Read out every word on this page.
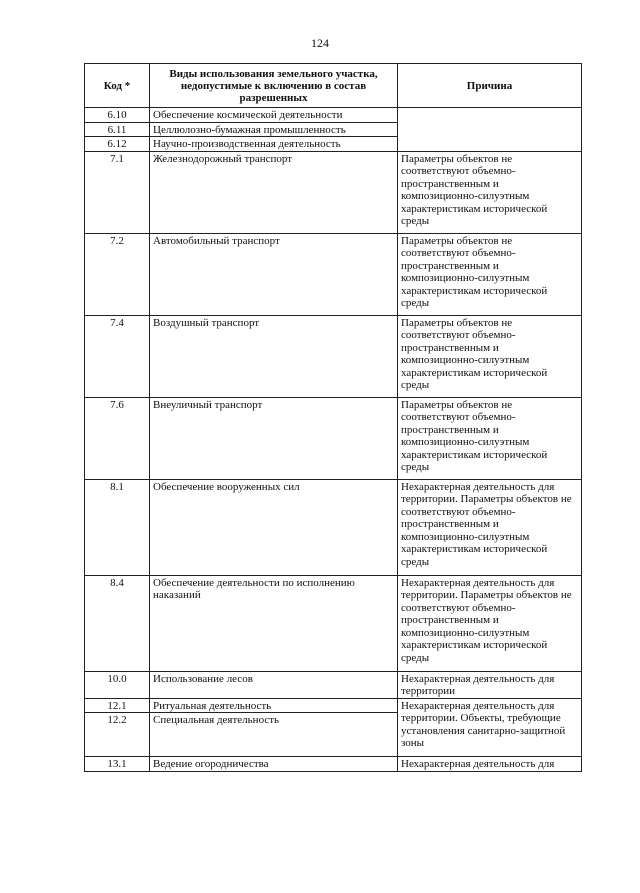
124
Код *	Виды использования земельного участка, недопустимые к включению в состав разрешенных	Причина
6.10	Обеспечение космической деятельности	
6.11	Целлюлозно-бумажная промышленность	
6.12	Научно-производственная деятельность	
7.1	Железнодорожный транспорт	Параметры объектов не соответствуют объемно-пространственным и композиционно-силуэтным характеристикам исторической среды
7.2	Автомобильный транспорт	Параметры объектов не соответствуют объемно-пространственным и композиционно-силуэтным характеристикам исторической среды
7.4	Воздушный транспорт	Параметры объектов не соответствуют объемно-пространственным и композиционно-силуэтным характеристикам исторической среды
7.6	Внеуличный транспорт	Параметры объектов не соответствуют объемно-пространственным и композиционно-силуэтным характеристикам исторической среды
8.1	Обеспечение вооруженных сил	Нехарактерная деятельность для территории. Параметры объектов не соответствуют объемно-пространственным и композиционно-силуэтным характеристикам исторической среды
8.4	Обеспечение деятельности по исполнению наказаний	Нехарактерная деятельность для территории. Параметры объектов не соответствуют объемно-пространственным и композиционно-силуэтным характеристикам исторической среды
10.0	Использование лесов	Нехарактерная деятельность для территории
12.1	Ритуальная деятельность	Нехарактерная деятельность для территории. Объекты, требующие установления санитарно-защитной зоны
12.2	Специальная деятельность	
13.1	Ведение огородничества	Нехарактерная деятельность для
